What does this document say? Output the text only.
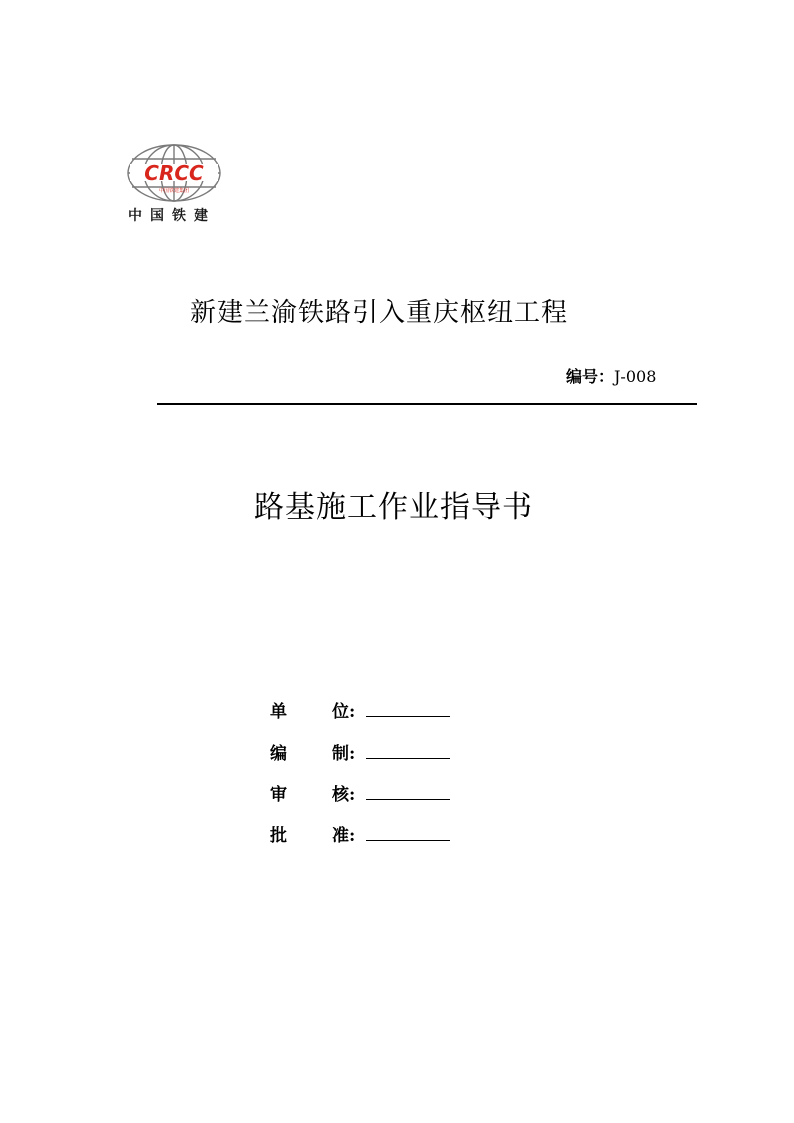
CRCC
中国铁建集团
中国铁建
新建兰渝铁路引入重庆枢纽工程
编号：J-008
路基施工作业指导书
单	位:
编	制:
审	核:
批	准:
